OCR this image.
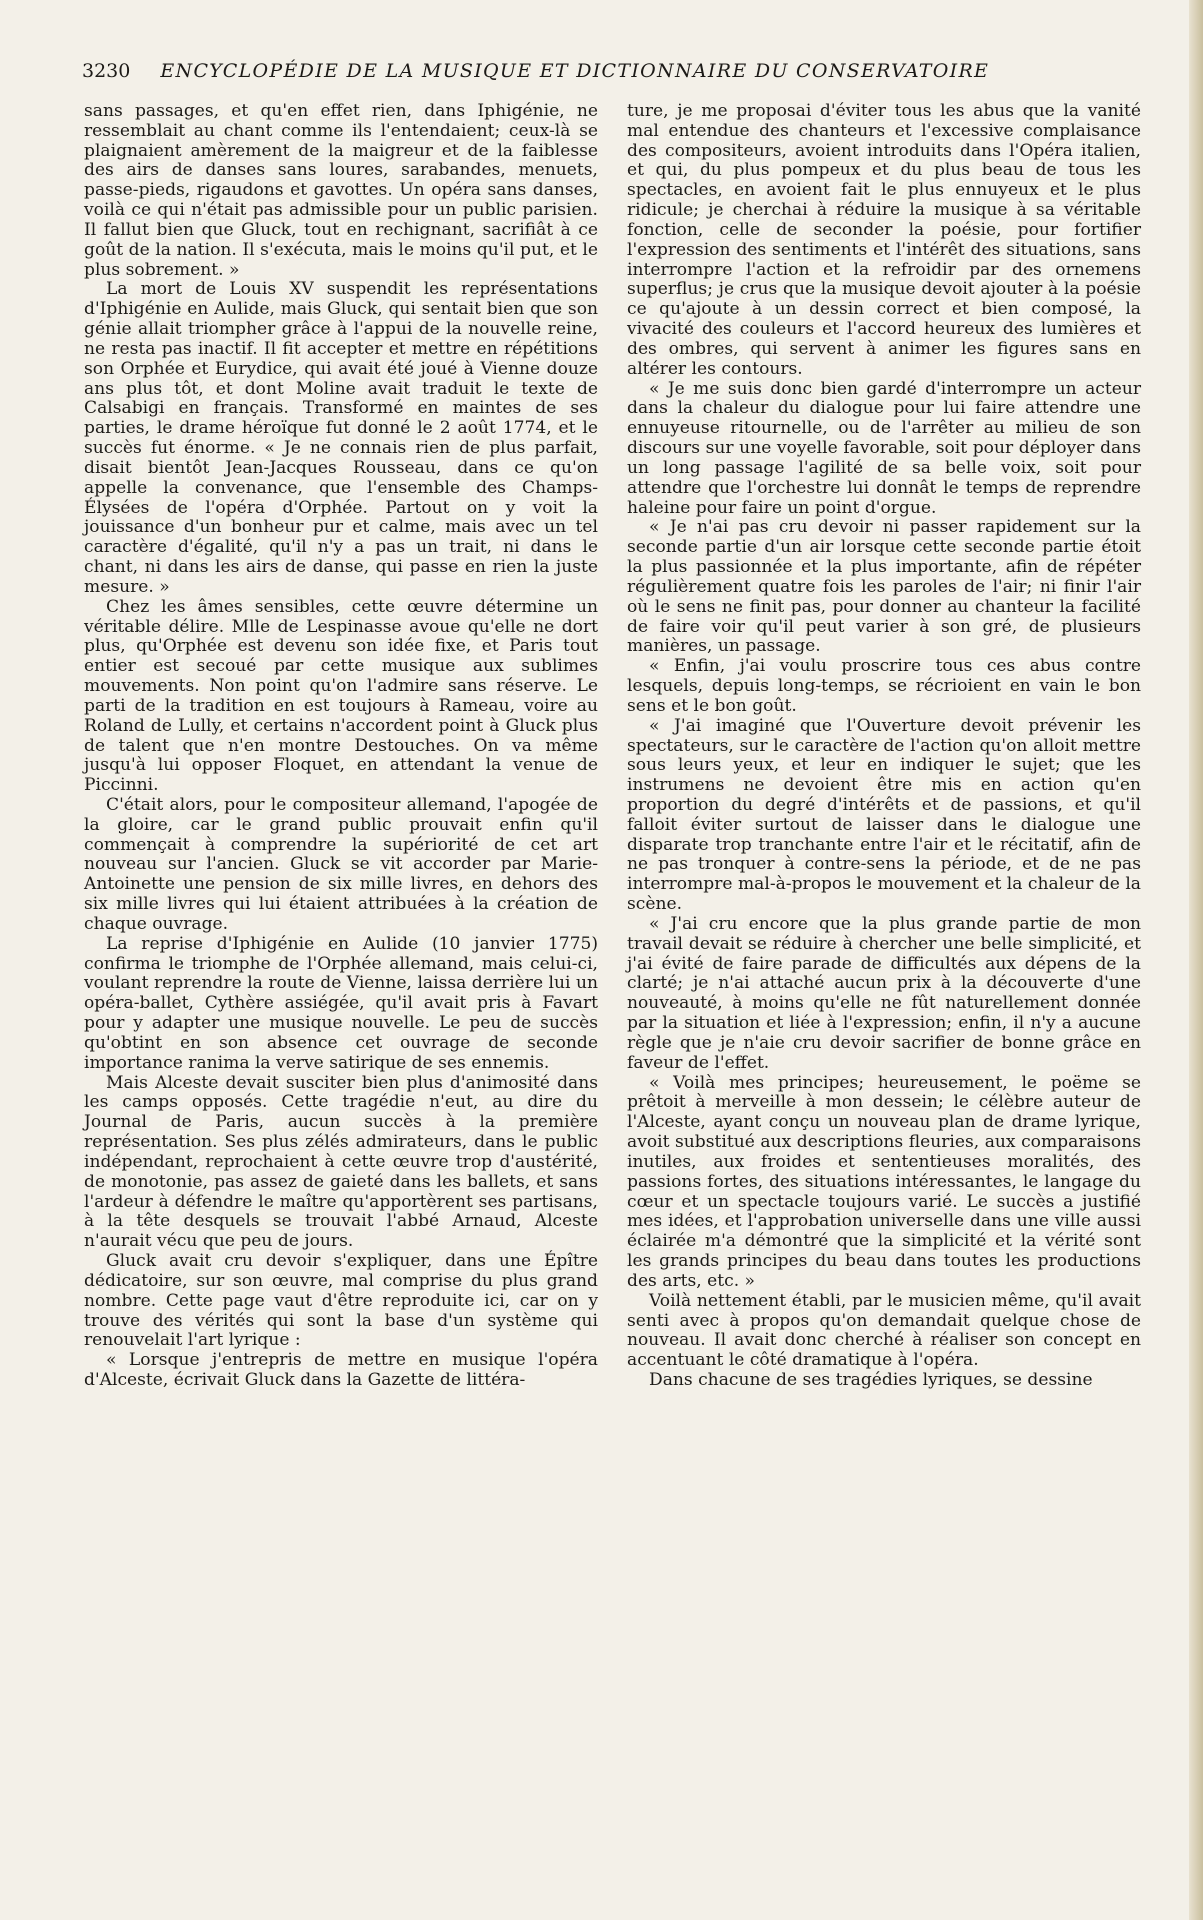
3230 ENCYCLOPÉDIE DE LA MUSIQUE ET DICTIONNAIRE DU CONSERVATOIRE

sans passages, et qu'en effet rien, dans Iphigénie, ne ressemblait au chant comme ils l'entendaient; ceux-là se plaignaient amèrement de la maigreur et de la faiblesse des airs de danses sans loures, sarabandes, menuets, passe-pieds, rigaudons et gavottes. Un opéra sans danses, voilà ce qui n'était pas admissible pour un public parisien. Il fallut bien que Gluck, tout en rechignant, sacrifiât à ce goût de la nation. Il s'exécuta, mais le moins qu'il put, et le plus sobrement. »

La mort de Louis XV suspendit les représentations d'Iphigénie en Aulide, mais Gluck, qui sentait bien que son génie allait triompher grâce à l'appui de la nouvelle reine, ne resta pas inactif. Il fit accepter et mettre en répétitions son Orphée et Eurydice, qui avait été joué à Vienne douze ans plus tôt, et dont Moline avait traduit le texte de Calsabigi en français. Transformé en maintes de ses parties, le drame héroïque fut donné le 2 août 1774, et le succès fut énorme. « Je ne connais rien de plus parfait, disait bientôt Jean-Jacques Rousseau, dans ce qu'on appelle la convenance, que l'ensemble des Champs-Élysées de l'opéra d'Orphée. Partout on y voit la jouissance d'un bonheur pur et calme, mais avec un tel caractère d'égalité, qu'il n'y a pas un trait, ni dans le chant, ni dans les airs de danse, qui passe en rien la juste mesure. »

Chez les âmes sensibles, cette œuvre détermine un véritable délire. Mlle de Lespinasse avoue qu'elle ne dort plus, qu'Orphée est devenu son idée fixe, et Paris tout entier est secoué par cette musique aux sublimes mouvements. Non point qu'on l'admire sans réserve. Le parti de la tradition en est toujours à Rameau, voire au Roland de Lully, et certains n'accordent point à Gluck plus de talent que n'en montre Destouches. On va même jusqu'à lui opposer Floquet, en attendant la venue de Piccinni.

C'était alors, pour le compositeur allemand, l'apogée de la gloire, car le grand public prouvait enfin qu'il commençait à comprendre la supériorité de cet art nouveau sur l'ancien. Gluck se vit accorder par Marie-Antoinette une pension de six mille livres, en dehors des six mille livres qui lui étaient attribuées à la création de chaque ouvrage.

La reprise d'Iphigénie en Aulide (10 janvier 1775) confirma le triomphe de l'Orphée allemand, mais celui-ci, voulant reprendre la route de Vienne, laissa derrière lui un opéra-ballet, Cythère assiégée, qu'il avait pris à Favart pour y adapter une musique nouvelle. Le peu de succès qu'obtint en son absence cet ouvrage de seconde importance ranima la verve satirique de ses ennemis.

Mais Alceste devait susciter bien plus d'animosité dans les camps opposés. Cette tragédie n'eut, au dire du Journal de Paris, aucun succès à la première représentation. Ses plus zélés admirateurs, dans le public indépendant, reprochaient à cette œuvre trop d'austérité, de monotonie, pas assez de gaieté dans les ballets, et sans l'ardeur à défendre le maître qu'apportèrent ses partisans, à la tête desquels se trouvait l'abbé Arnaud, Alceste n'aurait vécu que peu de jours.

Gluck avait cru devoir s'expliquer, dans une Épître dédicatoire, sur son œuvre, mal comprise du plus grand nombre. Cette page vaut d'être reproduite ici, car on y trouve des vérités qui sont la base d'un système qui renouvelait l'art lyrique :

« Lorsque j'entrepris de mettre en musique l'opéra d'Alceste, écrivait Gluck dans la Gazette de littéra-

ture, je me proposai d'éviter tous les abus que la vanité mal entendue des chanteurs et l'excessive complaisance des compositeurs, avoient introduits dans l'Opéra italien, et qui, du plus pompeux et du plus beau de tous les spectacles, en avoient fait le plus ennuyeux et le plus ridicule; je cherchai à réduire la musique à sa véritable fonction, celle de seconder la poésie, pour fortifier l'expression des sentiments et l'intérêt des situations, sans interrompre l'action et la refroidir par des ornemens superflus; je crus que la musique devoit ajouter à la poésie ce qu'ajoute à un dessin correct et bien composé, la vivacité des couleurs et l'accord heureux des lumières et des ombres, qui servent à animer les figures sans en altérer les contours.

« Je me suis donc bien gardé d'interrompre un acteur dans la chaleur du dialogue pour lui faire attendre une ennuyeuse ritournelle, ou de l'arrêter au milieu de son discours sur une voyelle favorable, soit pour déployer dans un long passage l'agilité de sa belle voix, soit pour attendre que l'orchestre lui donnât le temps de reprendre haleine pour faire un point d'orgue.

« Je n'ai pas cru devoir ni passer rapidement sur la seconde partie d'un air lorsque cette seconde partie étoit la plus passionnée et la plus importante, afin de répéter régulièrement quatre fois les paroles de l'air; ni finir l'air où le sens ne finit pas, pour donner au chanteur la facilité de faire voir qu'il peut varier à son gré, de plusieurs manières, un passage.

« Enfin, j'ai voulu proscrire tous ces abus contre lesquels, depuis long-temps, se récrioient en vain le bon sens et le bon goût.

« J'ai imaginé que l'Ouverture devoit prévenir les spectateurs, sur le caractère de l'action qu'on alloit mettre sous leurs yeux, et leur en indiquer le sujet; que les instrumens ne devoient être mis en action qu'en proportion du degré d'intérêts et de passions, et qu'il falloit éviter surtout de laisser dans le dialogue une disparate trop tranchante entre l'air et le récitatif, afin de ne pas tronquer à contre-sens la période, et de ne pas interrompre mal-à-propos le mouvement et la chaleur de la scène.

« J'ai cru encore que la plus grande partie de mon travail devait se réduire à chercher une belle simplicité, et j'ai évité de faire parade de difficultés aux dépens de la clarté; je n'ai attaché aucun prix à la découverte d'une nouveauté, à moins qu'elle ne fût naturellement donnée par la situation et liée à l'expression; enfin, il n'y a aucune règle que je n'aie cru devoir sacrifier de bonne grâce en faveur de l'effet.

« Voilà mes principes; heureusement, le poëme se prêtoit à merveille à mon dessein; le célèbre auteur de l'Alceste, ayant conçu un nouveau plan de drame lyrique, avoit substitué aux descriptions fleuries, aux comparaisons inutiles, aux froides et sententieuses moralités, des passions fortes, des situations intéressantes, le langage du cœur et un spectacle toujours varié. Le succès a justifié mes idées, et l'approbation universelle dans une ville aussi éclairée m'a démontré que la simplicité et la vérité sont les grands principes du beau dans toutes les productions des arts, etc. »

Voilà nettement établi, par le musicien même, qu'il avait senti avec à propos qu'on demandait quelque chose de nouveau. Il avait donc cherché à réaliser son concept en accentuant le côté dramatique à l'opéra.

Dans chacune de ses tragédies lyriques, se dessine
